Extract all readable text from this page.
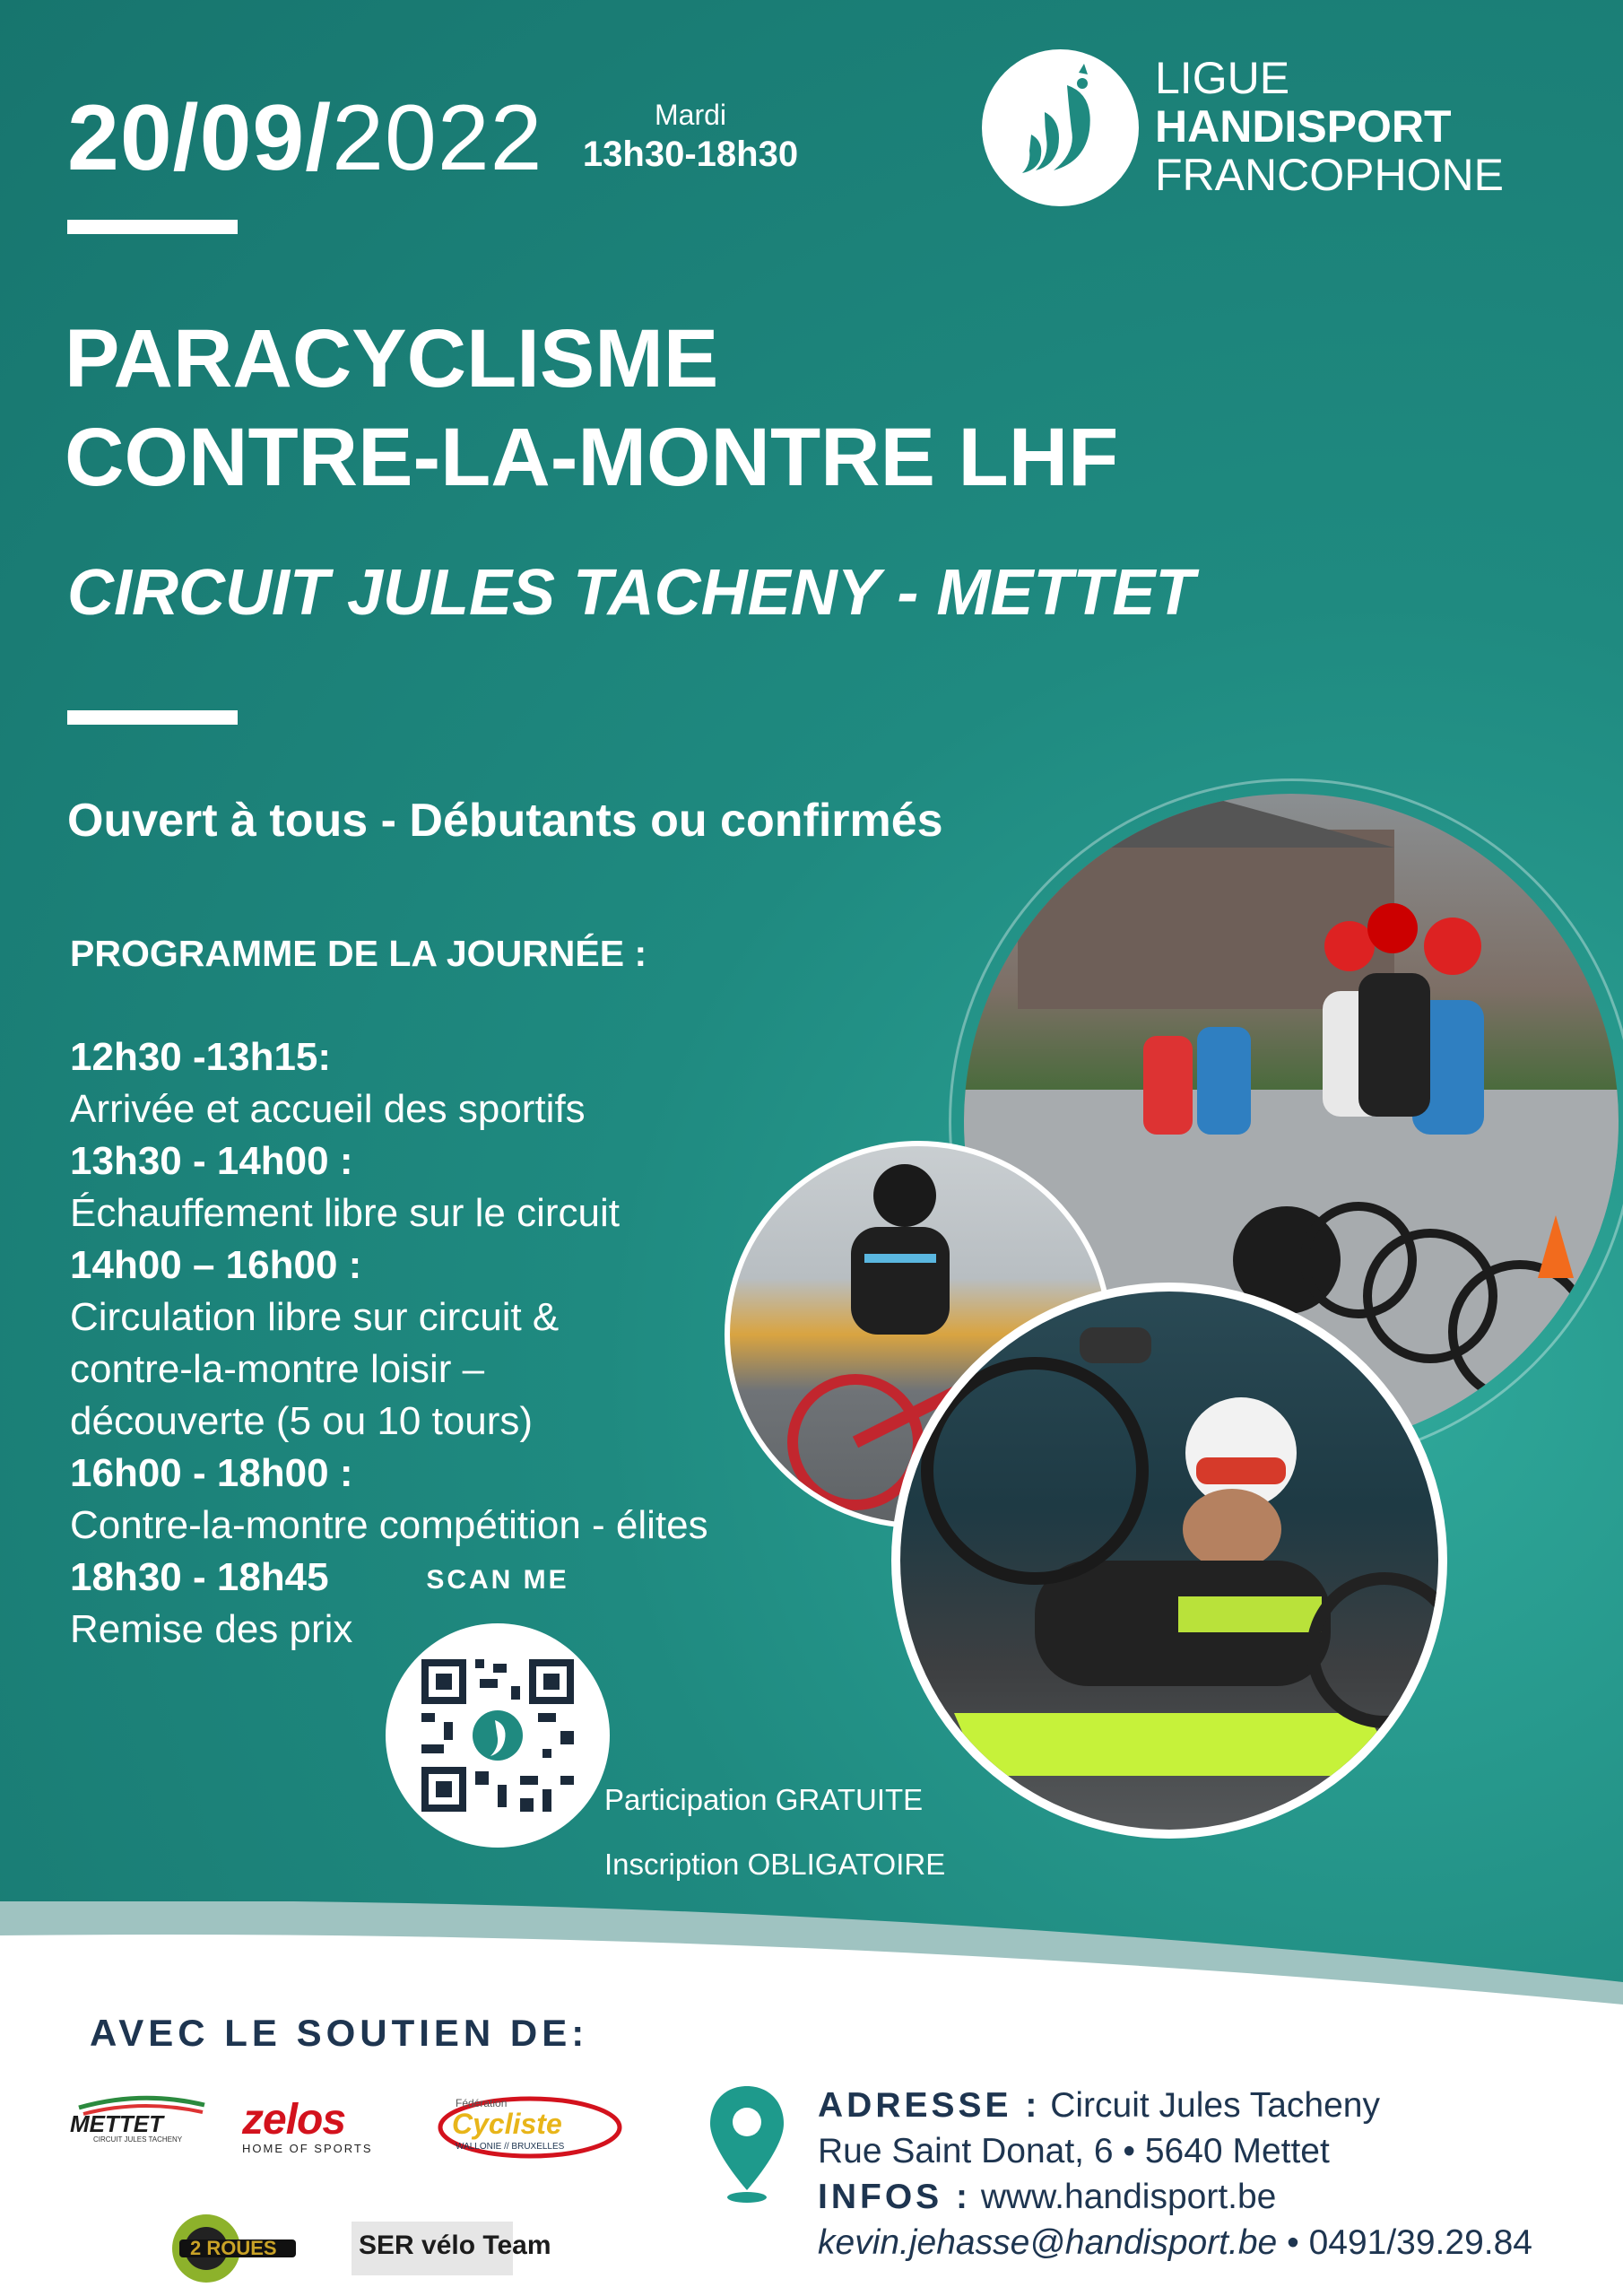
20/09/2022	Mardi
13h30-18h30
LIGUE
HANDISPORT
FRANCOPHONE
PARACYCLISME
CONTRE-LA-MONTRE LHF
CIRCUIT JULES TACHENY - METTET
Ouvert à tous - Débutants ou confirmés
PROGRAMME DE LA JOURNÉE :
12h30 -13h15:
Arrivée et accueil des sportifs
13h30 - 14h00 :
Échauffement libre sur le circuit
14h00 – 16h00 :
Circulation libre sur circuit &
contre-la-montre loisir –
découverte (5 ou 10 tours)
16h00 - 18h00 :
Contre-la-montre compétition - élites
18h30 - 18h45
Remise des prix
SCAN ME
Participation GRATUITE
Inscription OBLIGATOIRE
AVEC LE SOUTIEN DE:
METTET
CIRCUIT JULES TACHENY zelos
HOME OF SPORTS
Fédération
Cycliste
WALLONIE // BRUXELLES
2 ROUES	SER vélo Team
ADRESSE : Circuit Jules Tacheny
Rue Saint Donat, 6 • 5640 Mettet
INFOS : www.handisport.be
kevin.jehasse@handisport.be • 0491/39.29.84
